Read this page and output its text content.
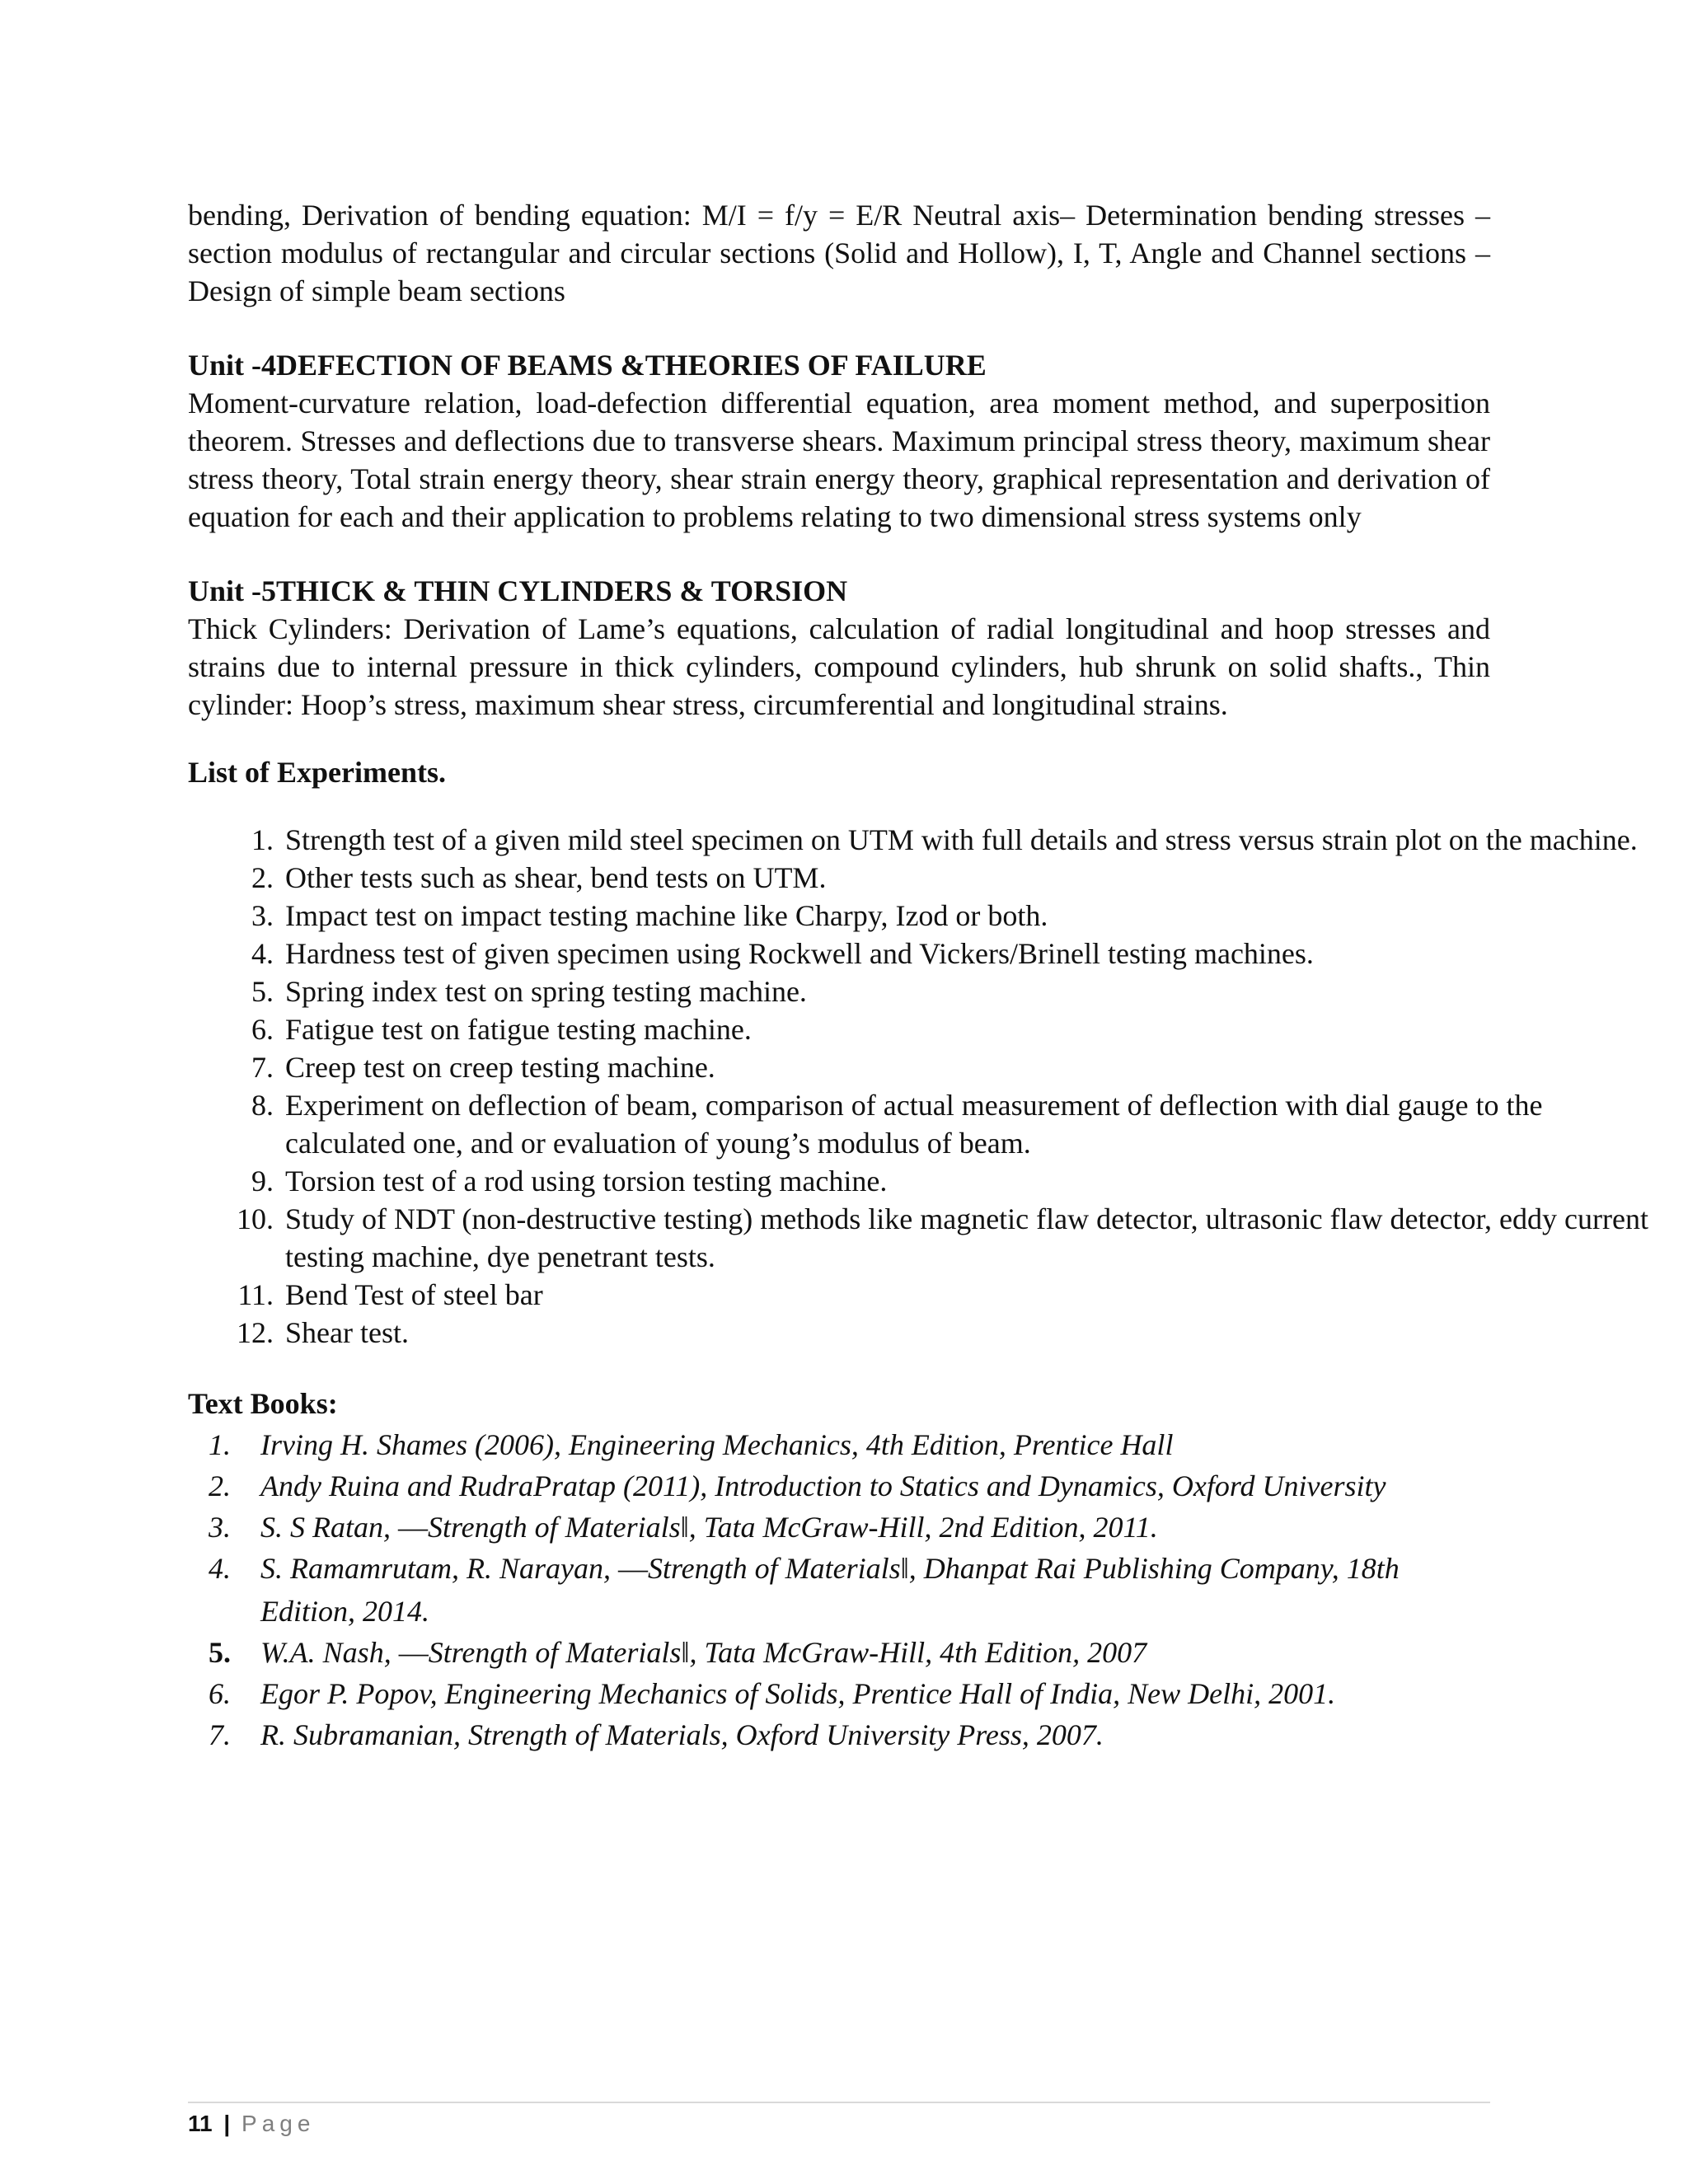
bending, Derivation of bending equation: M/I = f/y = E/R Neutral axis– Determination bending stresses – section modulus of rectangular and circular sections (Solid and Hollow), I, T, Angle and Channel sections – Design of simple beam sections

Unit -4DEFECTION OF BEAMS &THEORIES OF FAILURE

Moment-curvature relation, load-defection differential equation, area moment method, and superposition theorem. Stresses and deflections due to transverse shears. Maximum principal stress theory, maximum shear stress theory, Total strain energy theory, shear strain energy theory, graphical representation and derivation of equation for each and their application to problems relating to two dimensional stress systems only

Unit -5THICK & THIN CYLINDERS & TORSION

Thick Cylinders: Derivation of Lame’s equations, calculation of radial longitudinal and hoop stresses and strains due to internal pressure in thick cylinders, compound cylinders, hub shrunk on solid shafts., Thin cylinder: Hoop’s stress, maximum shear stress, circumferential and longitudinal strains.

List of Experiments.

1. Strength test of a given mild steel specimen on UTM with full details and stress versus strain plot on the machine.
2. Other tests such as shear, bend tests on UTM.
3. Impact test on impact testing machine like Charpy, Izod or both.
4. Hardness test of given specimen using Rockwell and Vickers/Brinell testing machines.
5. Spring index test on spring testing machine.
6. Fatigue test on fatigue testing machine.
7. Creep test on creep testing machine.
8. Experiment on deflection of beam, comparison of actual measurement of deflection with dial gauge to the calculated one, and or evaluation of young’s modulus of beam.
9. Torsion test of a rod using torsion testing machine.
10. Study of NDT (non-destructive testing) methods like magnetic flaw detector, ultrasonic flaw detector, eddy current testing machine, dye penetrant tests.
11. Bend Test of steel bar
12. Shear test.

Text Books:

1. Irving H. Shames (2006), Engineering Mechanics, 4th Edition, Prentice Hall
2. Andy Ruina and RudraPratap (2011), Introduction to Statics and Dynamics, Oxford University
3. S. S Ratan, ―Strength of Materials‖, Tata McGraw-Hill, 2nd Edition, 2011.
4. S. Ramamrutam, R. Narayan, ―Strength of Materials‖, Dhanpat Rai Publishing Company, 18th
Edition, 2014.
5. W.A. Nash, ―Strength of Materials‖, Tata McGraw-Hill, 4th Edition, 2007
6. Egor P. Popov, Engineering Mechanics of Solids, Prentice Hall of India, New Delhi, 2001.
7. R. Subramanian, Strength of Materials, Oxford University Press, 2007.
11 | Page
